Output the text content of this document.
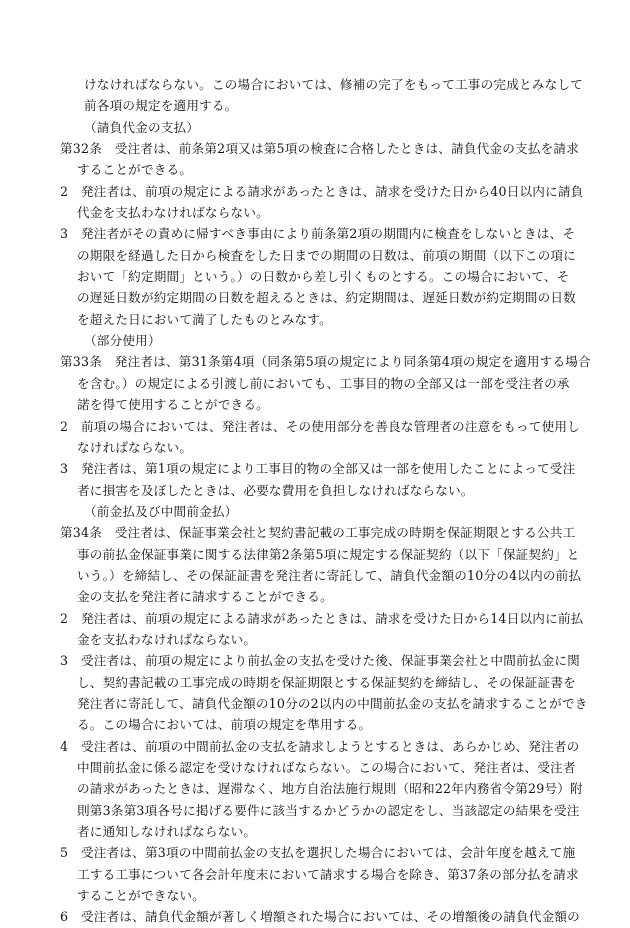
けなければならない。この場合においては、修補の完了をもって工事の完成とみなして
前各項の規定を適用する。
（請負代金の支払）
第32条　受注者は、前条第2項又は第5項の検査に合格したときは、請負代金の支払を請求
することができる。
2　発注者は、前項の規定による請求があったときは、請求を受けた日から40日以内に請負
代金を支払わなければならない。
3　発注者がその責めに帰すべき事由により前条第2項の期間内に検査をしないときは、そ
の期限を経過した日から検査をした日までの期間の日数は、前項の期間（以下この項に
おいて「約定期間」という。）の日数から差し引くものとする。この場合において、そ
の遅延日数が約定期間の日数を超えるときは、約定期間は、遅延日数が約定期間の日数
を超えた日において満了したものとみなす。
（部分使用）
第33条　発注者は、第31条第4項（同条第5項の規定により同条第4項の規定を適用する場合
を含む。）の規定による引渡し前においても、工事目的物の全部又は一部を受注者の承
諾を得て使用することができる。
2　前項の場合においては、発注者は、その使用部分を善良な管理者の注意をもって使用し
なければならない。
3　発注者は、第1項の規定により工事目的物の全部又は一部を使用したことによって受注
者に損害を及ぼしたときは、必要な費用を負担しなければならない。
（前金払及び中間前金払）
第34条　受注者は、保証事業会社と契約書記載の工事完成の時期を保証期限とする公共工
事の前払金保証事業に関する法律第2条第5項に規定する保証契約（以下「保証契約」と
いう。）を締結し、その保証証書を発注者に寄託して、請負代金額の10分の4以内の前払
金の支払を発注者に請求することができる。
2　発注者は、前項の規定による請求があったときは、請求を受けた日から14日以内に前払
金を支払わなければならない。
3　受注者は、前項の規定により前払金の支払を受けた後、保証事業会社と中間前払金に関
し、契約書記載の工事完成の時期を保証期限とする保証契約を締結し、その保証証書を
発注者に寄託して、請負代金額の10分の2以内の中間前払金の支払を請求することができ
る。この場合においては、前項の規定を準用する。
4　受注者は、前項の中間前払金の支払を請求しようとするときは、あらかじめ、発注者の
中間前払金に係る認定を受けなければならない。この場合において、発注者は、受注者
の請求があったときは、遅滞なく、地方自治法施行規則（昭和22年内務省令第29号）附
則第3条第3項各号に掲げる要件に該当するかどうかの認定をし、当該認定の結果を受注
者に通知しなければならない。
5　受注者は、第3項の中間前払金の支払を選択した場合においては、会計年度を越えて施
工する工事について各会計年度末において請求する場合を除き、第37条の部分払を請求
することができない。
6　受注者は、請負代金額が著しく増額された場合においては、その増額後の請負代金額の
